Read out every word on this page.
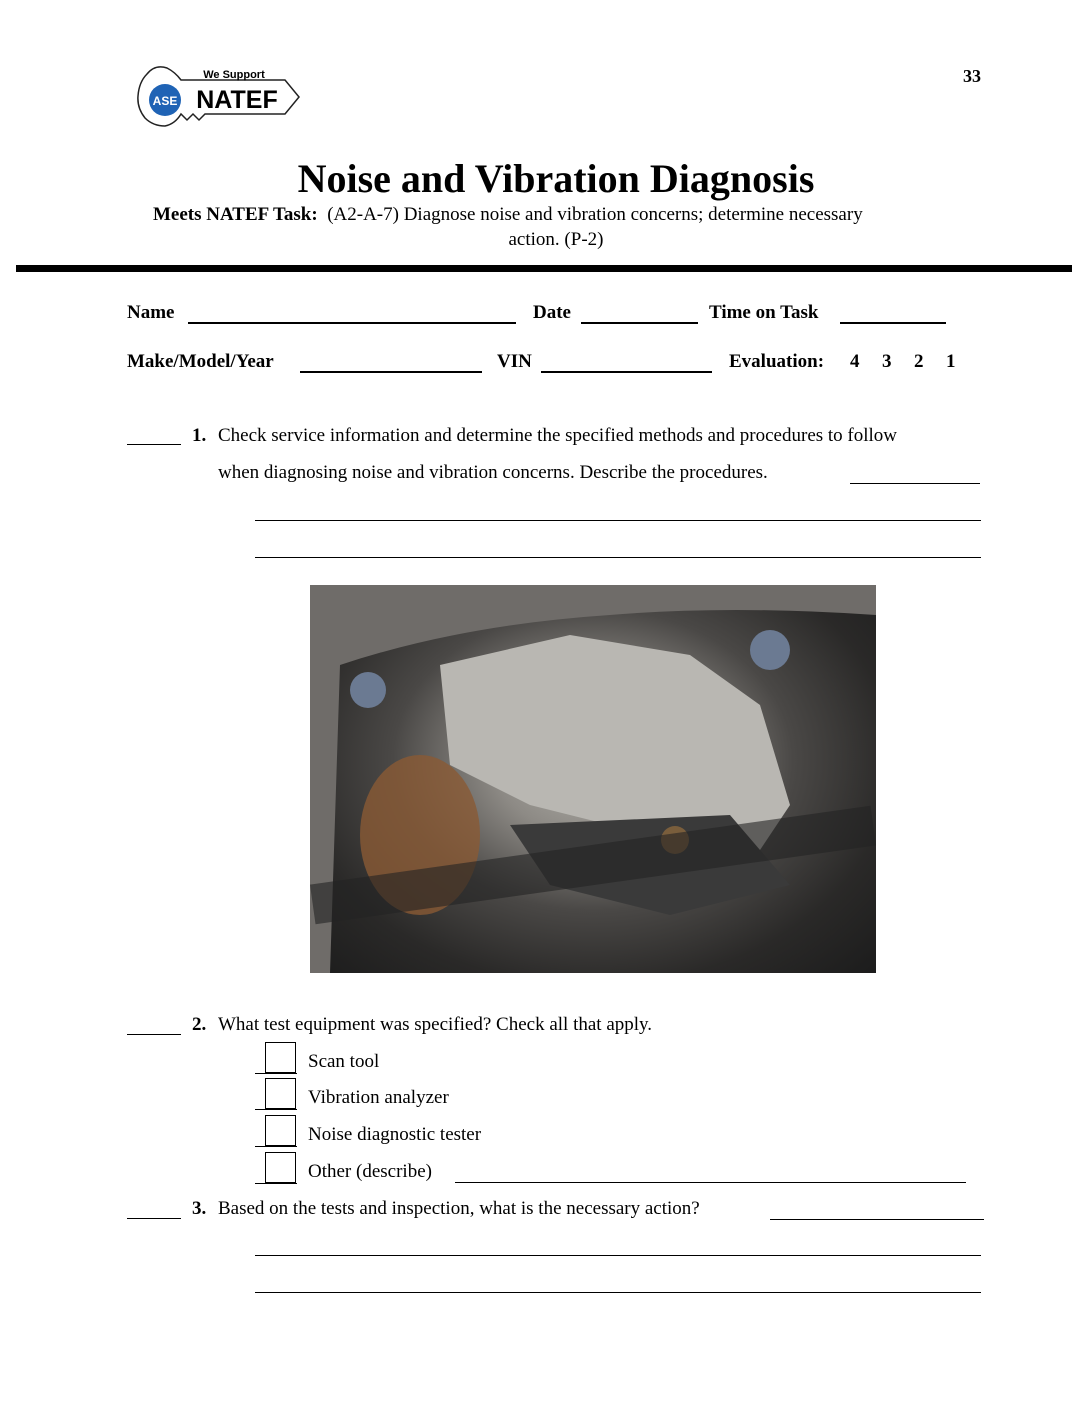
33
ASE
We Support
NATEF
Noise and Vibration Diagnosis
Meets NATEF Task: (A2-A-7) Diagnose noise and vibration concerns; determine necessary
action. (P-2)
Name	Date	Time on Task
Make/Model/Year	VIN	Evaluation: 4 3 2 1
1. Check service information and determine the specified methods and procedures to follow
when diagnosing noise and vibration concerns. Describe the procedures.
2. What test equipment was specified? Check all that apply.
Scan tool
Vibration analyzer
Noise diagnostic tester
Other (describe)
3. Based on the tests and inspection, what is the necessary action?
